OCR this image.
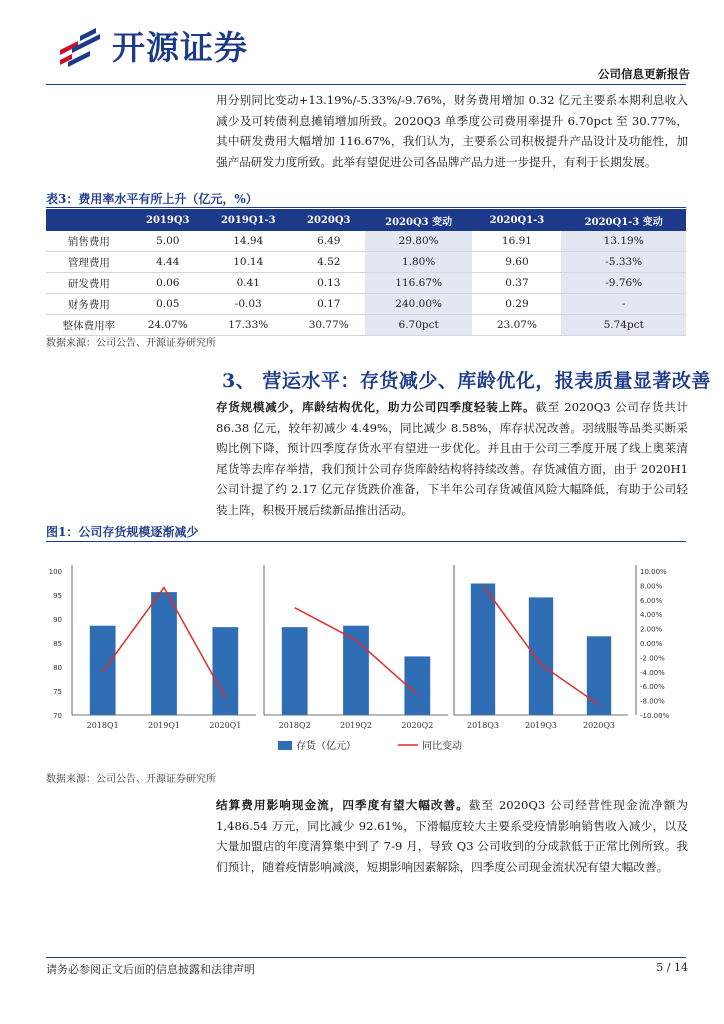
开源证券
公司信息更新报告
用分别同比变动+13.19%/-5.33%/-9.76%，财务费用增加 0.32 亿元主要系本期利息收入减少及可转债利息摊销增加所致。2020Q3 单季度公司费用率提升 6.70pct 至 30.77%，其中研发费用大幅增加 116.67%，我们认为，主要系公司积极提升产品设计及功能性，加强产品研发力度所致。此举有望促进公司各品牌产品力进一步提升，有利于长期发展。
表3：费用率水平有所上升（亿元，%）
	2019Q3	2019Q1-3	2020Q3	2020Q3 变动	2020Q1-3	2020Q1-3 变动
销售费用	5.00	14.94	6.49	29.80%	16.91	13.19%
管理费用	4.44	10.14	4.52	1.80%	9.60	-5.33%
研发费用	0.06	0.41	0.13	116.67%	0.37	-9.76%
财务费用	0.05	-0.03	0.17	240.00%	0.29	-
整体费用率	24.07%	17.33%	30.77%	6.70pct	23.07%	5.74pct
数据来源：公司公告、开源证券研究所
3、 营运水平：存货减少、库龄优化，报表质量显著改善
存货规模减少，库龄结构优化，助力公司四季度轻装上阵。截至 2020Q3 公司存货共计 86.38 亿元，较年初减少 4.49%，同比减少 8.58%，库存状况改善。羽绒服等品类买断采购比例下降，预计四季度存货水平有望进一步优化。并且由于公司三季度开展了线上奥莱清尾货等去库存举措，我们预计公司存货库龄结构将持续改善。存货减值方面，由于 2020H1 公司计提了约 2.17 亿元存货跌价准备，下半年公司存货减值风险大幅降低，有助于公司轻装上阵，积极开展后续新品推出活动。
图1：公司存货规模逐渐减少
100
95
90
85
80
75
70
10.00%
8.00%
6.00%
4.00%
2.00%
0.00%
-2.00%
-4.00%
-6.00%
-8.00%
-10.00%
2018Q1	2019Q1	2020Q1	2018Q2	2019Q2	2020Q2	2018Q3	2019Q3	2020Q3
存货（亿元）	同比变动
数据来源：公司公告、开源证券研究所
结算费用影响现金流，四季度有望大幅改善。截至 2020Q3 公司经营性现金流净额为 1,486.54 万元，同比减少 92.61%，下滑幅度较大主要系受疫情影响销售收入减少，以及大量加盟店的年度清算集中到了 7-9 月，导致 Q3 公司收到的分成款低于正常比例所致。我们预计，随着疫情影响减淡，短期影响因素解除，四季度公司现金流状况有望大幅改善。
请务必参阅正文后面的信息披露和法律声明	5 / 14
